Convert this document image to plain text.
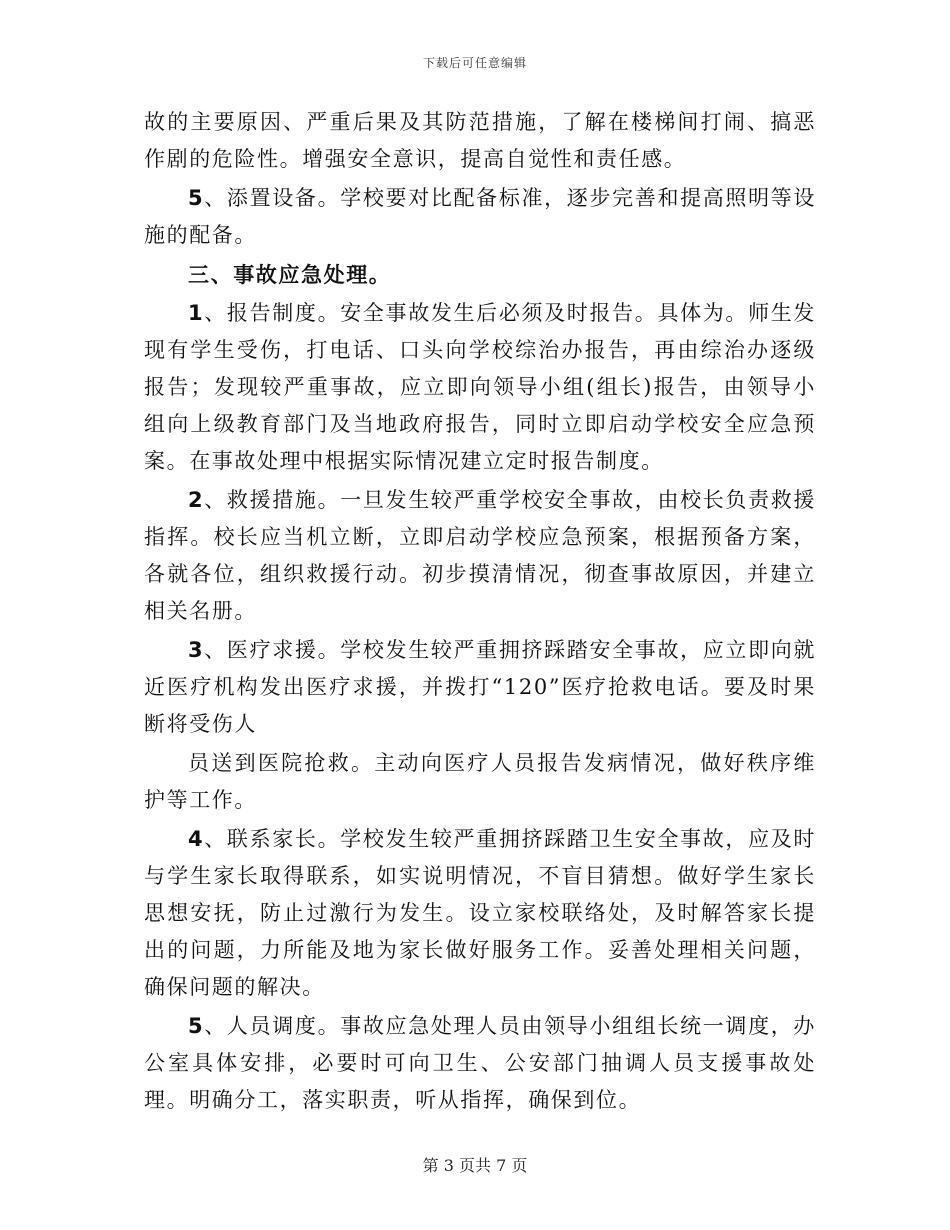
下载后可任意编辑

故的主要原因、严重后果及其防范措施，了解在楼梯间打闹、搞恶作剧的危险性。增强安全意识，提高自觉性和责任感。

5、添置设备。学校要对比配备标准，逐步完善和提高照明等设施的配备。

三、事故应急处理。

1、报告制度。安全事故发生后必须及时报告。具体为。师生发现有学生受伤，打电话、口头向学校综治办报告，再由综治办逐级报告；发现较严重事故，应立即向领导小组(组长)报告，由领导小组向上级教育部门及当地政府报告，同时立即启动学校安全应急预案。在事故处理中根据实际情况建立定时报告制度。

2、救援措施。一旦发生较严重学校安全事故，由校长负责救援指挥。校长应当机立断，立即启动学校应急预案，根据预备方案，各就各位，组织救援行动。初步摸清情况，彻查事故原因，并建立相关名册。

3、医疗求援。学校发生较严重拥挤踩踏安全事故，应立即向就近医疗机构发出医疗求援，并拨打“120”医疗抢救电话。要及时果断将受伤人

员送到医院抢救。主动向医疗人员报告发病情况，做好秩序维护等工作。

4、联系家长。学校发生较严重拥挤踩踏卫生安全事故，应及时与学生家长取得联系，如实说明情况，不盲目猜想。做好学生家长思想安抚，防止过激行为发生。设立家校联络处，及时解答家长提出的问题，力所能及地为家长做好服务工作。妥善处理相关问题，确保问题的解决。

5、人员调度。事故应急处理人员由领导小组组长统一调度，办公室具体安排，必要时可向卫生、公安部门抽调人员支援事故处理。明确分工，落实职责，听从指挥，确保到位。

第 3 页共 7 页
